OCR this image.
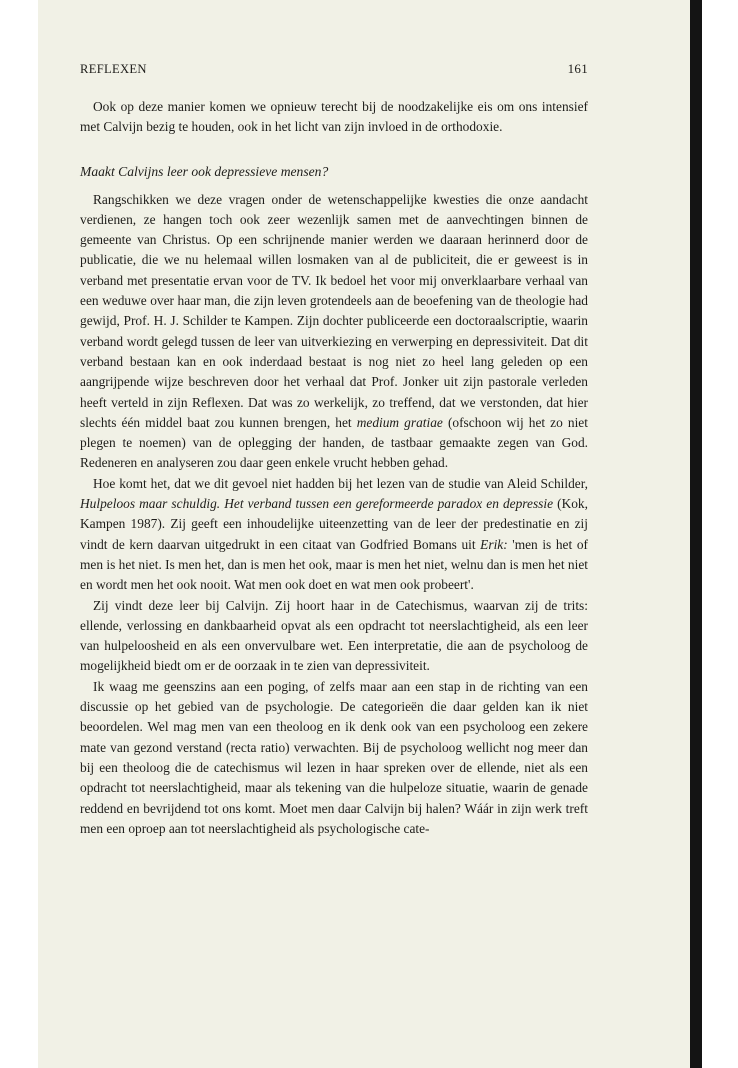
REFLEXEN	161

Ook op deze manier komen we opnieuw terecht bij de noodzakelijke eis om ons intensief met Calvijn bezig te houden, ook in het licht van zijn invloed in de orthodoxie.

Maakt Calvijns leer ook depressieve mensen?

Rangschikken we deze vragen onder de wetenschappelijke kwesties die onze aandacht verdienen, ze hangen toch ook zeer wezenlijk samen met de aanvechtingen binnen de gemeente van Christus. Op een schrijnende manier werden we daaraan herinnerd door de publicatie, die we nu helemaal willen losmaken van al de publiciteit, die er geweest is in verband met presentatie ervan voor de TV. Ik bedoel het voor mij onverklaarbare verhaal van een weduwe over haar man, die zijn leven grotendeels aan de beoefening van de theologie had gewijd, Prof. H. J. Schilder te Kampen. Zijn dochter publiceerde een doctoraalscriptie, waarin verband wordt gelegd tussen de leer van uitverkiezing en verwerping en depressiviteit. Dat dit verband bestaan kan en ook inderdaad bestaat is nog niet zo heel lang geleden op een aangrijpende wijze beschreven door het verhaal dat Prof. Jonker uit zijn pastorale verleden heeft verteld in zijn Reflexen. Dat was zo werkelijk, zo treffend, dat we verstonden, dat hier slechts één middel baat zou kunnen brengen, het medium gratiae (ofschoon wij het zo niet plegen te noemen) van de oplegging der handen, de tastbaar gemaakte zegen van God. Redeneren en analyseren zou daar geen enkele vrucht hebben gehad.

Hoe komt het, dat we dit gevoel niet hadden bij het lezen van de studie van Aleid Schilder, Hulpeloos maar schuldig. Het verband tussen een gereformeerde paradox en depressie (Kok, Kampen 1987). Zij geeft een inhoudelijke uiteenzetting van de leer der predestinatie en zij vindt de kern daarvan uitgedrukt in een citaat van Godfried Bomans uit Erik: 'men is het of men is het niet. Is men het, dan is men het ook, maar is men het niet, welnu dan is men het niet en wordt men het ook nooit. Wat men ook doet en wat men ook probeert'.

Zij vindt deze leer bij Calvijn. Zij hoort haar in de Catechismus, waarvan zij de trits: ellende, verlossing en dankbaarheid opvat als een opdracht tot neerslachtigheid, als een leer van hulpeloosheid en als een onvervulbare wet. Een interpretatie, die aan de psycholoog de mogelijkheid biedt om er de oorzaak in te zien van depressiviteit.

Ik waag me geenszins aan een poging, of zelfs maar aan een stap in de richting van een discussie op het gebied van de psychologie. De categorieën die daar gelden kan ik niet beoordelen. Wel mag men van een theoloog en ik denk ook van een psycholoog een zekere mate van gezond verstand (recta ratio) verwachten. Bij de psycholoog wellicht nog meer dan bij een theoloog die de catechismus wil lezen in haar spreken over de ellende, niet als een opdracht tot neerslachtigheid, maar als tekening van die hulpeloze situatie, waarin de genade reddend en bevrijdend tot ons komt. Moet men daar Calvijn bij halen? Wáár in zijn werk treft men een oproep aan tot neerslachtigheid als psychologische cate-
